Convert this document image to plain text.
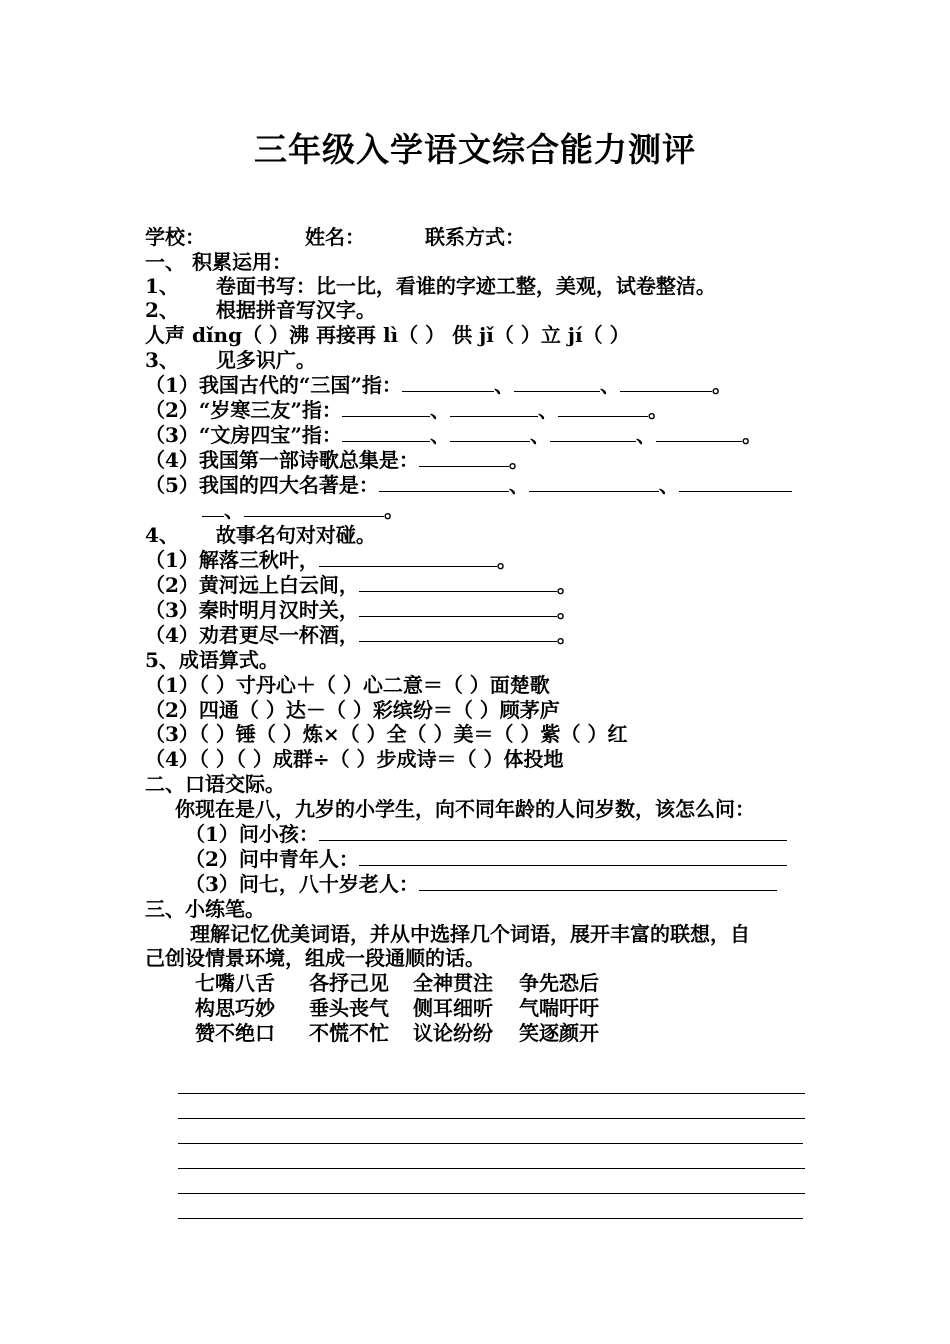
三年级入学语文综合能力测评
学校：	姓名：	联系方式：
一、 积累运用：
1、 卷面书写：比一比，看谁的字迹工整，美观，试卷整洁。
2、 根据拼音写汉字。
人声 dǐng（ ）沸 再接再 lì（ ） 供 jǐ（ ）立 jí（ ）
3、 见多识广。
（1）我国古代的“三国”指：	、	、	。
（2）“岁寒三友”指：	、	、	。
（3）“文房四宝”指：	、	、	、	。
（4）我国第一部诗歌总集是：	。
（5）我国的四大名著是：	、	、
、	。
4、 故事名句对对碰。
（1）解落三秋叶，	。
（2）黄河远上白云间，	。
（3）秦时明月汉时关，	。
（4）劝君更尽一杯酒，	。
5、成语算式。
（1）（ ）寸丹心＋（ ）心二意＝（ ）面楚歌
（2）四通（ ）达－（ ）彩缤纷＝（ ）顾茅庐
（3）（ ）锤（ ）炼×（ ）全（ ）美＝（ ）紫（ ）红
（4）（ ）（ ）成群÷（ ）步成诗＝（ ）体投地
二、口语交际。
你现在是八，九岁的小学生，向不同年龄的人问岁数，该怎么问：
（1）问小孩：
（2）问中青年人：
（3）问七，八十岁老人：
三、小练笔。
理解记忆优美词语，并从中选择几个词语，展开丰富的联想，自
己创设情景环境，组成一段通顺的话。
七嘴八舌 各抒己见 全神贯注 争先恐后
构思巧妙 垂头丧气 侧耳细听 气喘吁吁
赞不绝口 不慌不忙 议论纷纷 笑逐颜开
